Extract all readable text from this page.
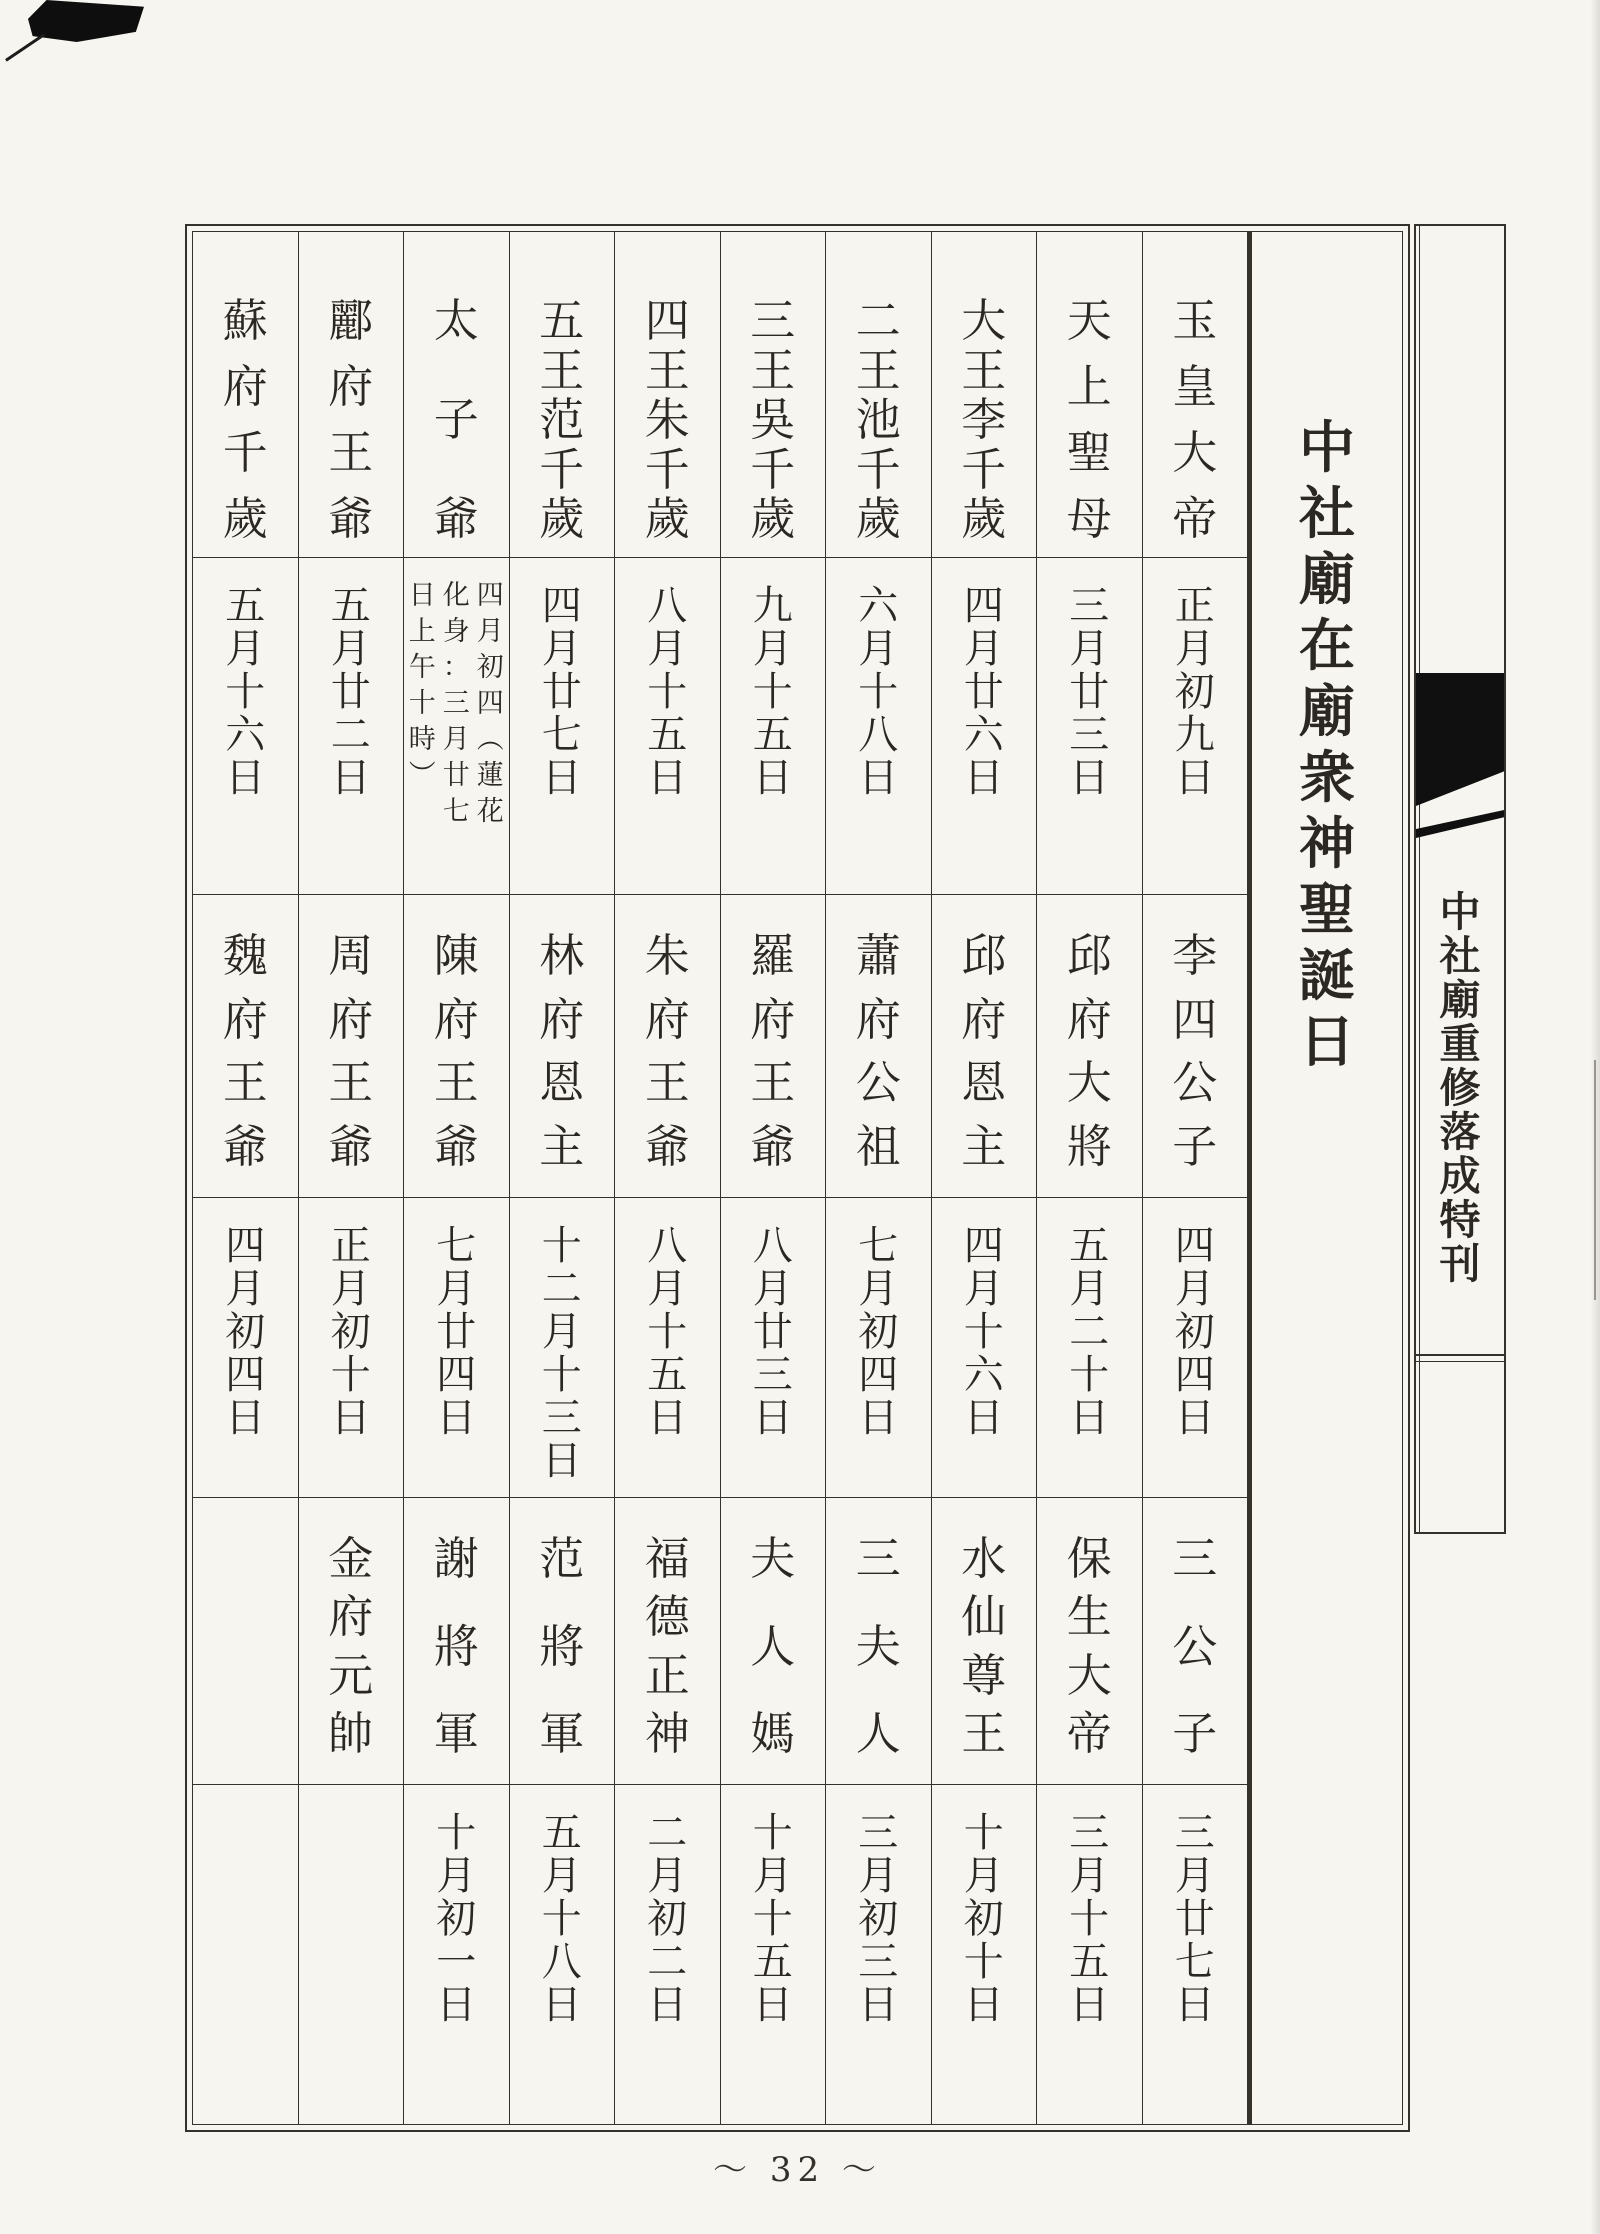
中
社
廟
在
廟
衆
神
聖
誕
日
玉
皇
大
帝
正
月
初
九
日
李
四
公
子
四
月
初
四
日
三
公
子
三
月
廿
七
日
天
上
聖
母
三
月
廿
三
日
邱
府
大
將
五
月
二
十
日
保
生
大
帝
三
月
十
五
日
大
王
李
千
歲
四
月
廿
六
日
邱
府
恩
主
四
月
十
六
日
水
仙
尊
王
十
月
初
十
日
二
王
池
千
歲
六
月
十
八
日
蕭
府
公
祖
七
月
初
四
日
三
夫
人
三
月
初
三
日
三
王
吳
千
歲
九
月
十
五
日
羅
府
王
爺
八
月
廿
三
日
夫
人
媽
十
月
十
五
日
四
王
朱
千
歲
八
月
十
五
日
朱
府
王
爺
八
月
十
五
日
福
德
正
神
二
月
初
二
日
五
王
范
千
歲
四
月
廿
七
日
林
府
恩
主
十
二
月
十
三
日
范
將
軍
五
月
十
八
日
太
子
爺
四
月
初
四
︵
蓮
花
化
身
：
三
月
廿
七
日
上
午
十
時
︶
陳
府
王
爺
七
月
廿
四
日
謝
將
軍
十
月
初
一
日
酈
府
王
爺
五
月
廿
二
日
周
府
王
爺
正
月
初
十
日
金
府
元
帥
蘇
府
千
歲
五
月
十
六
日
魏
府
王
爺
四
月
初
四
日
中
社
廟
重
修
落
成
特
刊
～ 32 ～
